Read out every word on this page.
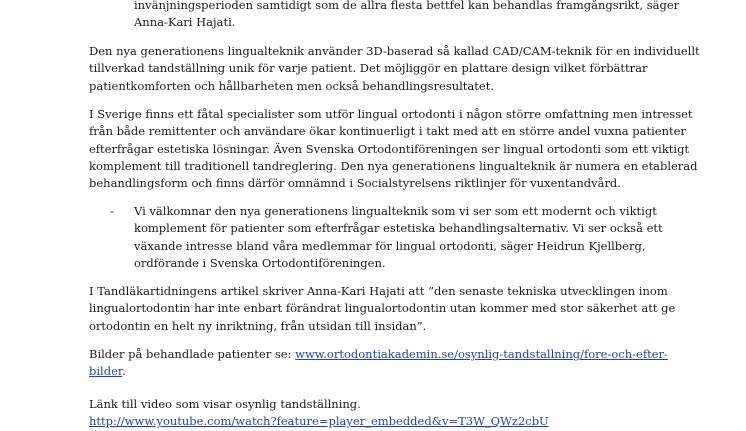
invänjningsperioden samtidigt som de allra flesta bettfel kan behandlas framgångsrikt, säger
Anna-Kari Hajati.
Den nya generationens lingualteknik använder 3D-baserad så kallad CAD/CAM-teknik för en individuellt
tillverkad tandställning unik för varje patient. Det möjliggör en plattare design vilket förbättrar
patientkomforten och hållbarheten men också behandlingsresultatet.
I Sverige finns ett fåtal specialister som utför lingual ortodonti i någon större omfattning men intresset
från både remittenter och användare ökar kontinuerligt i takt med att en större andel vuxna patienter
efterfrågar estetiska lösningar. Även Svenska Ortodontiföreningen ser lingual ortodonti som ett viktigt
komplement till traditionell tandreglering. Den nya generationens lingualteknik är numera en etablerad
behandlingsform och finns därför omnämnd i Socialstyrelsens riktlinjer för vuxentandvård.
- Vi välkomnar den nya generationens lingualteknik som vi ser som ett modernt och viktigt
komplement för patienter som efterfrågar estetiska behandlingsalternativ. Vi ser också ett
växande intresse bland våra medlemmar för lingual ortodonti, säger Heidrun Kjellberg,
ordförande i Svenska Ortodontiföreningen.
I Tandläkartidningens artikel skriver Anna-Kari Hajati att ”den senaste tekniska utvecklingen inom
lingualortodontin har inte enbart förändrat lingualortodontin utan kommer med stor säkerhet att ge
ortodontin en helt ny inriktning, från utsidan till insidan”.
Bilder på behandlade patienter se: www.ortodontiakademin.se/osynlig-tandstallning/fore-och-efter-
bilder.
Länk till video som visar osynlig tandställning.
http://www.youtube.com/watch?feature=player_embedded&v=T3W_QWz2cbU
